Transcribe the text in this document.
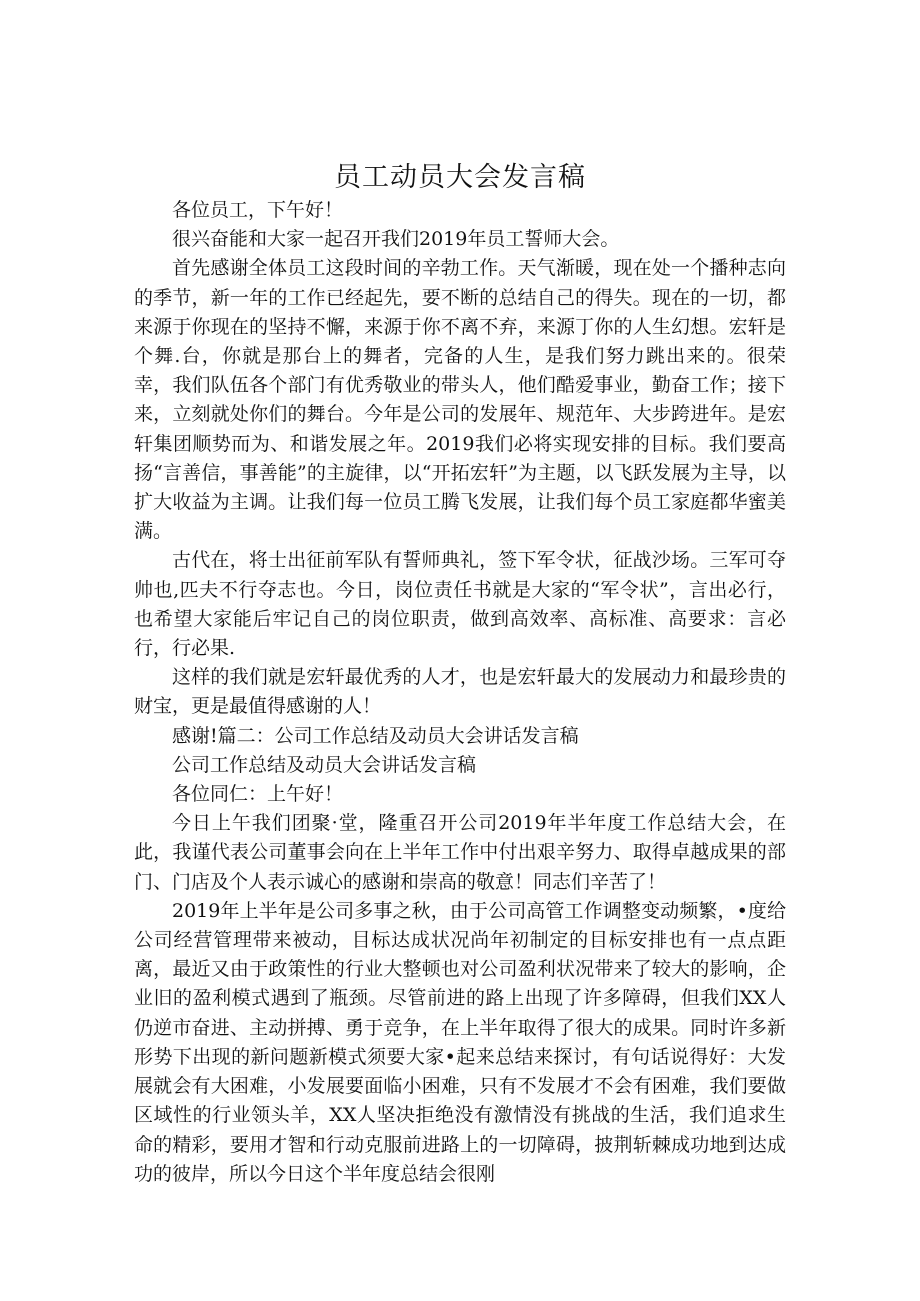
员工动员大会发言稿

各位员工，下午好！

很兴奋能和大家一起召开我们2019年员工誓师大会。

首先感谢全体员工这段时间的辛勃工作。天气渐暖，现在处一个播种志向的季节，新一年的工作已经起先，要不断的总结自己的得失。现在的一切，都来源于你现在的坚持不懈，来源于你不离不弃，来源丁你的人生幻想。宏轩是个舞.台，你就是那台上的舞者，完备的人生，是我们努力跳出来的。很荣幸，我们队伍各个部门有优秀敬业的带头人，他们酷爱事业，勤奋工作；接下来，立刻就处你们的舞台。今年是公司的发展年、规范年、大步跨进年。是宏轩集团顺势而为、和谐发展之年。2019我们必将实现安排的目标。我们要高扬“言善信，事善能”的主旋律，以“开拓宏轩”为主题，以飞跃发展为主导，以扩大收益为主调。让我们每一位员工腾飞发展，让我们每个员工家庭都华蜜美满。

古代在，将士出征前军队有誓师典礼，签下军令状，征战沙场。三军可夺帅也,匹夫不行夺志也。今日，岗位责任书就是大家的“军令状”，言出必行，也希望大家能后牢记自己的岗位职责，做到高效率、高标准、高要求：言必行，行必果.

这样的我们就是宏轩最优秀的人才，也是宏轩最大的发展动力和最珍贵的财宝，更是最值得感谢的人！

感谢!篇二：公司工作总结及动员大会讲话发言稿

公司工作总结及动员大会讲话发言稿

各位同仁：上午好！

今日上午我们团聚·堂，隆重召开公司2019年半年度工作总结大会，在此，我谨代表公司董事会向在上半年工作中付出艰辛努力、取得卓越成果的部门、门店及个人表示诚心的感谢和崇高的敬意！同志们辛苦了！

2019年上半年是公司多事之秋，由于公司高管工作调整变动频繁，•度给公司经营管理带来被动，目标达成状况尚年初制定的目标安排也有一点点距离，最近又由于政策性的行业大整顿也对公司盈利状况带来了较大的影响，企业旧的盈利模式遇到了瓶颈。尽管前进的路上出现了许多障碍，但我们XX人仍逆市奋进、主动拼搏、勇于竞争，在上半年取得了很大的成果。同时许多新形势下出现的新问题新模式须要大家•起来总结来探讨，有句话说得好：大发展就会有大困难，小发展要面临小困难，只有不发展才不会有困难，我们要做区域性的行业领头羊，XX人坚决拒绝没有激情没有挑战的生活，我们追求生命的精彩，要用才智和行动克服前进路上的一切障碍，披荆斩棘成功地到达成功的彼岸，所以今日这个半年度总结会很刚
